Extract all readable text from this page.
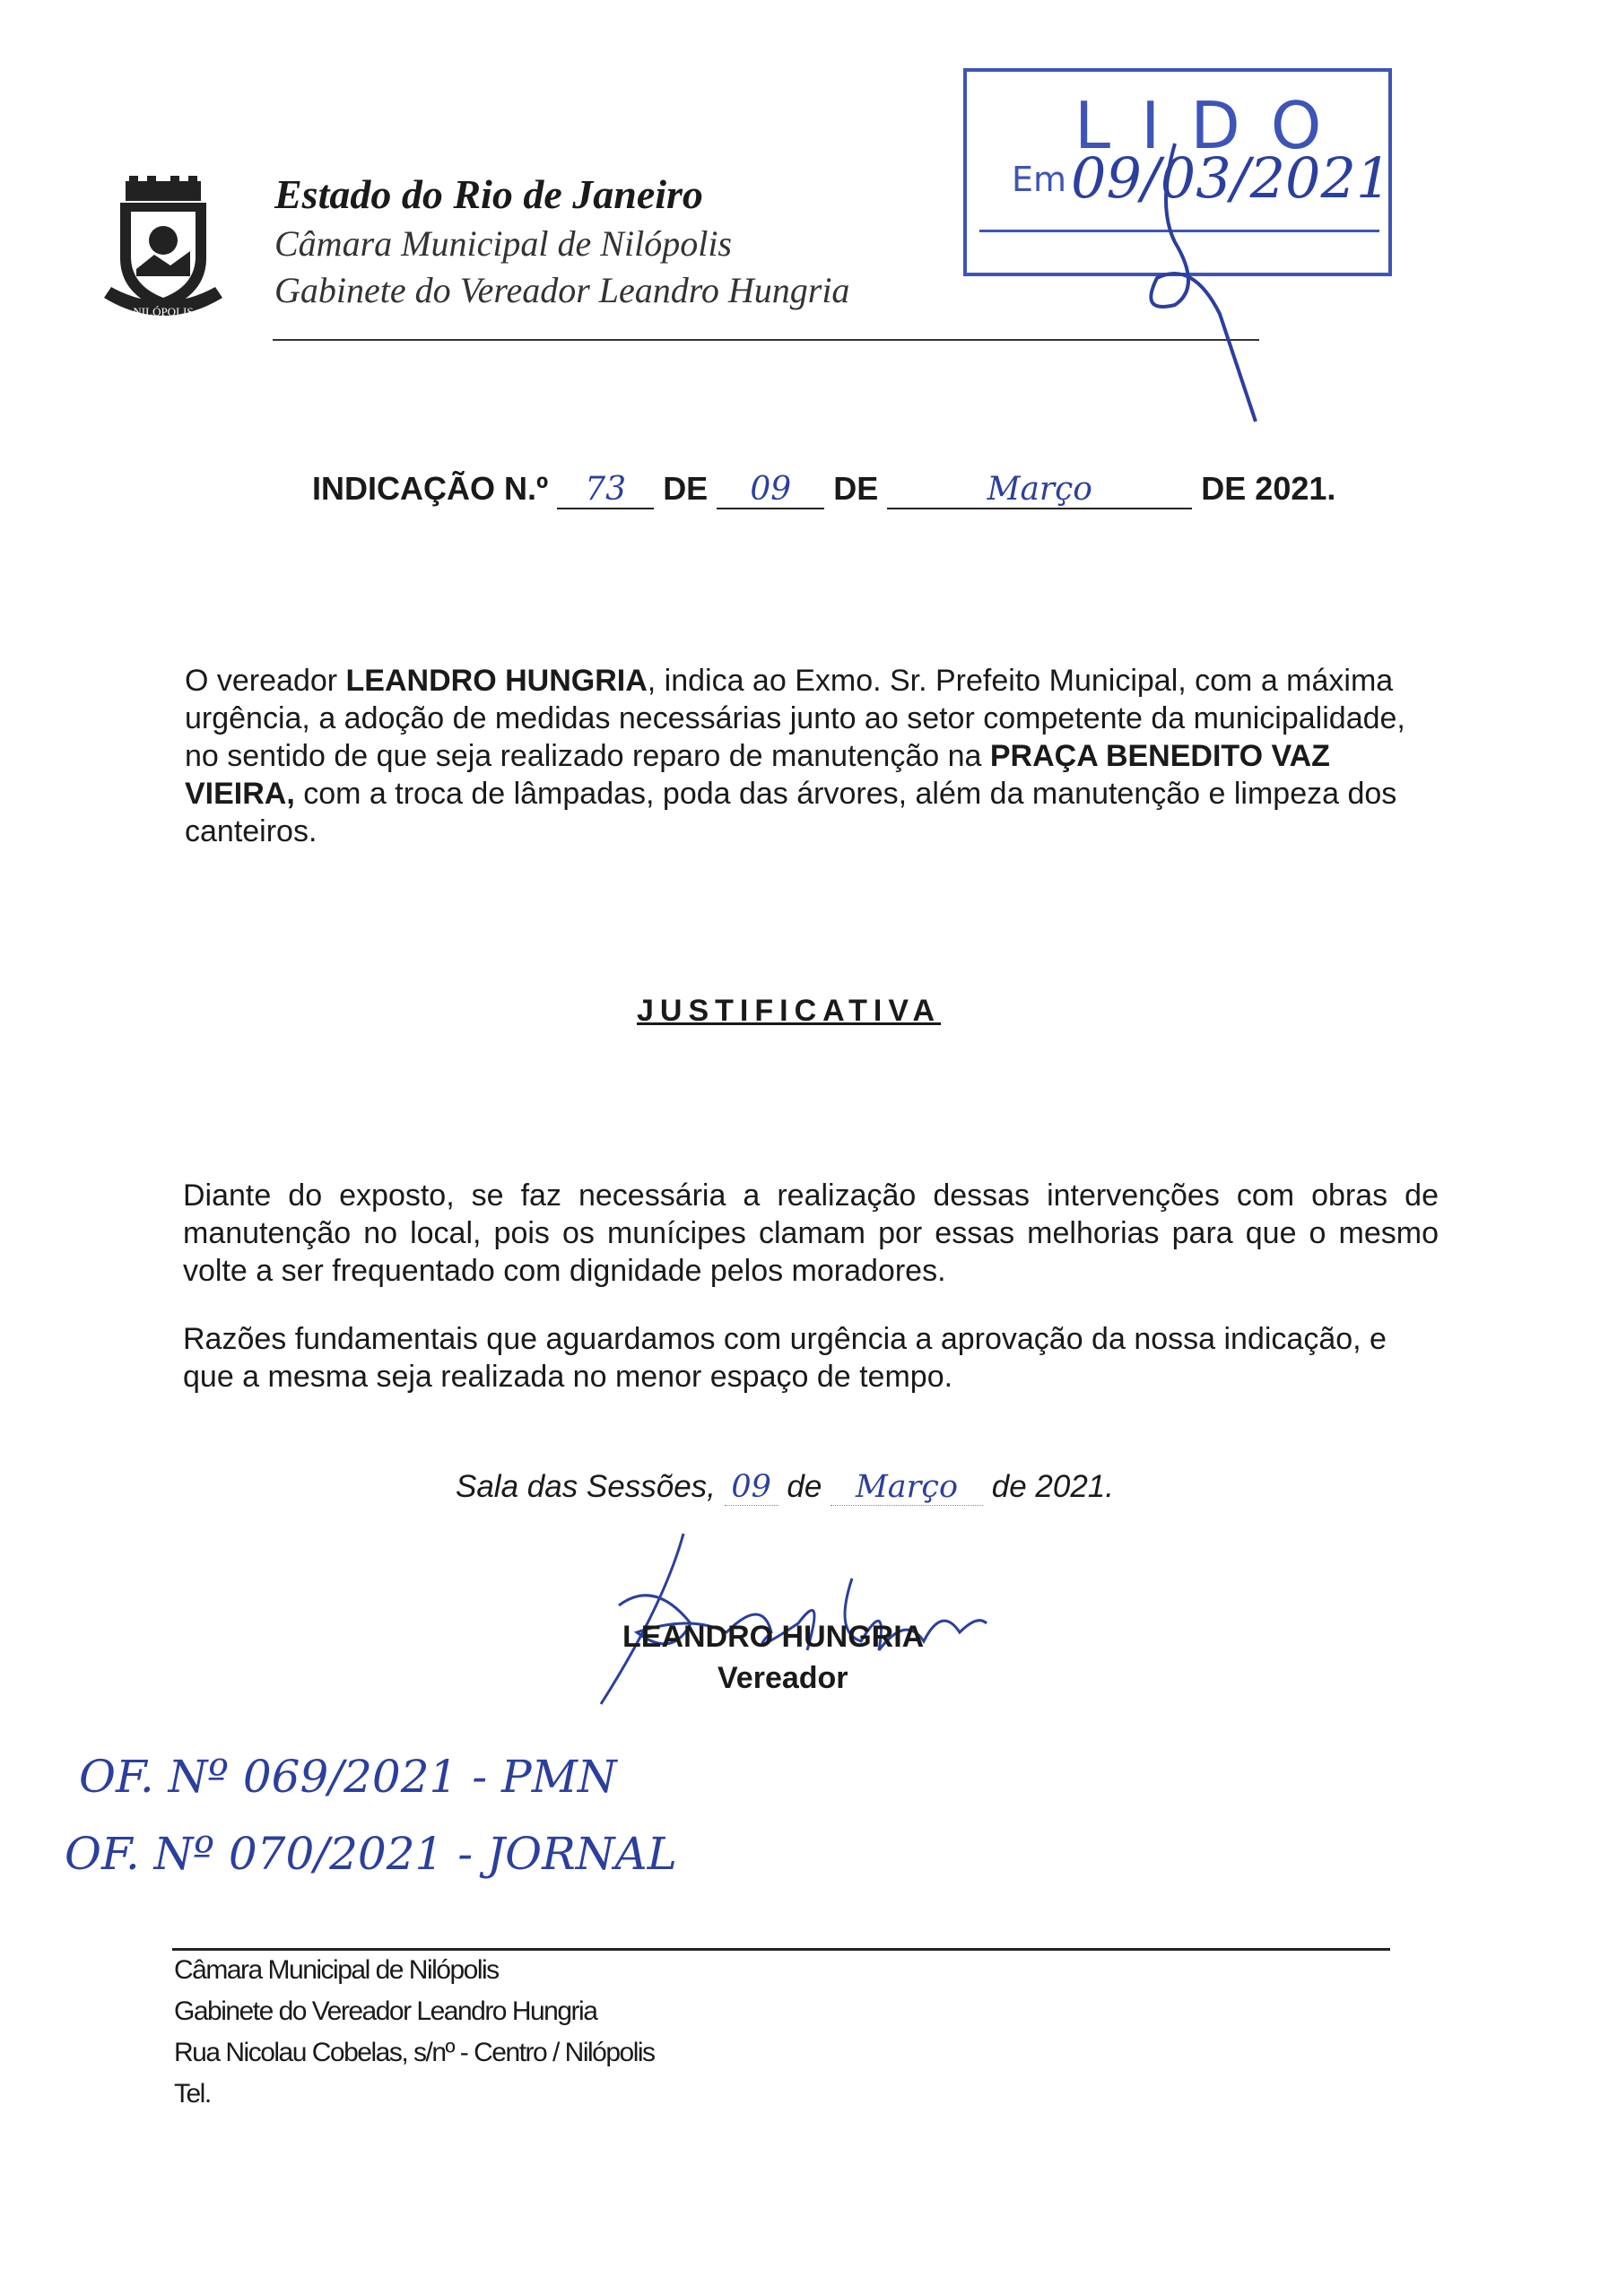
NILÓPOLIS
Estado do Rio de Janeiro
Câmara Municipal de Nilópolis
Gabinete do Vereador Leandro Hungria
LIDO
Em 09/03/2021
INDICAÇÃO N.º 73 DE 09 DE	Março	DE 2021.
O vereador LEANDRO HUNGRIA, indica ao Exmo. Sr. Prefeito Municipal, com a máxima urgência, a adoção de medidas necessárias junto ao setor competente da municipalidade, no sentido de que seja realizado reparo de manutenção na PRAÇA BENEDITO VAZ VIEIRA, com a troca de lâmpadas, poda das árvores, além da manutenção e limpeza dos canteiros.
JUSTIFICATIVA
Diante do exposto, se faz necessária a realização dessas intervenções com obras de manutenção no local, pois os munícipes clamam por essas melhorias para que o mesmo volte a ser frequentado com dignidade pelos moradores.
Razões fundamentais que aguardamos com urgência a aprovação da nossa indicação, e que a mesma seja realizada no menor espaço de tempo.
Sala das Sessões, 09 de Março de 2021.
LEANDRO HUNGRIA
Vereador
OF. Nº 069/2021 - PMN
OF. Nº 070/2021 - JORNAL
Câmara Municipal de Nilópolis
Gabinete do Vereador Leandro Hungria
Rua Nicolau Cobelas, s/nº - Centro / Nilópolis
Tel.
